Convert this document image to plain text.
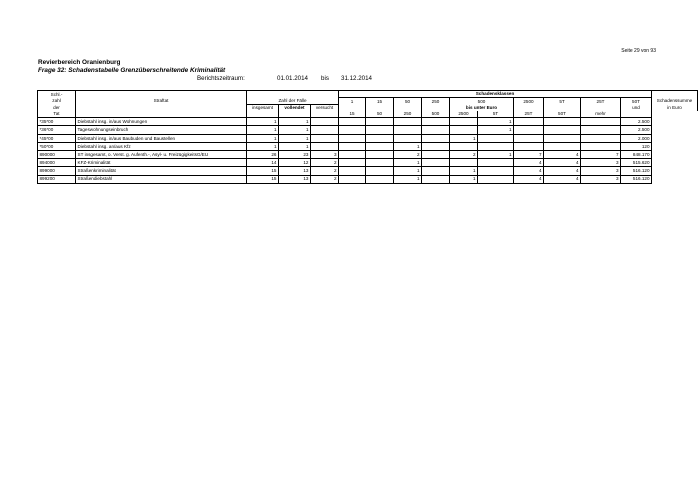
Seite 29 von 93
Revierbereich Oranienburg
Frage 32: Schadenstabelle Grenzüberschreitende Kriminalität
Berichtszeitraum:	01.01.2014 bis 31.12.2014
Schl.-					Schadensklassen										
zahl	Straftat	Zahl der Fälle			1	15	50	250	500		2500	5T	25T	50T	Schadenssumme
der		insgesamt	vollendet	versucht					bis unter Euro					und	in Euro
Tat					15	50	250	500	2500	5T	25T	50T	mehr		
*35*00	Diebstahl insg. in/aus Wohnungen	1	1							1				2.500	
*36*00	Tageswohnungseinbruch	1	1							1				2.500	
*45*00	Diebstahl insg. in/aus Baubuden und Baustellen	1	1						1					2.000	
*50*00	Diebstahl insg. an/aus Kfz	1	1				1							120	
890000	ST insgesamt, o. Verst. g. Aufenth.-, Asyl- u. FreizügigkeitsG/EU	26	23	3			2		2	1	7	4	7	848.170	
894000	KFZ-Kriminalität	14	12	2			1				4	4	3	515.620	
899000	Straßenkriminalität	15	13	2			1		1		4	4	3	516.120	
899200	Straßendiebstahl	15	13	2			1		1		4	4	3	516.120	
